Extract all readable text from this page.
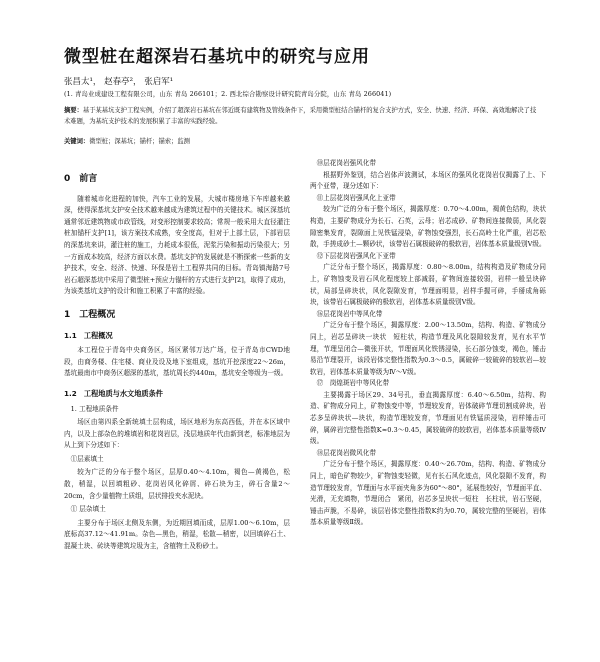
微型桩在超深岩石基坑中的研究与应用
张昌太¹， 赵春亭²， 张启军¹
(1. 青岛业成建设工程有限公司，山东 青岛 266101；2. 西北综合勘察设计研究院青岛分院，山东 青岛 266041)
摘要：基于某基坑支护工程实例，介绍了超深岩石基坑在邻近既有建筑物及管线条件下，采用微型桩结合锚杆的复合支护方式，安全、快速、经济、环保、高效地解决了技术难题，为基坑支护技术的发展积累了丰富的实践经验。
关键词：微型桩；深基坑；锚杆；锚索；监测
0　前言

随着城市化进程的加快，汽车工业的发展，大城市楼房地下车库越来越深，使得深基坑支护安全技术越来越成为建筑过程中的关键技术。城区深基坑通常邻近建筑物或市政管线，对变形控制要求较高；常规一般采用大直径灌注桩加锚杆支护[1]，该方案技术成熟，安全度高，但对于上部土层，下部岩层的深基坑来讲，灌注桩的施工，力耗成本很低，泥浆污染和振动污染很大；另一方面成本较高，经济方面以水费。基坑支护的发展就是不断探索一些新的支护技术，安全、经济、快速、环保是岩土工程界共同的目标。青岛镇海路7号岩石超深基坑中采用了微型桩+预应力锚杆的方式进行支护[2]，取得了成功，为该类基坑支护的设计和施工积累了丰富的经验。

1　工程概况
1.1　工程概况

本工程位于青岛中央商务区，场区紧邻万达广场，位于青岛市CWD地段，由商务楼、住宅楼、商业及设及地下室组成，基坑开挖深度22～26m，基坑最南市中商务区超深的基坑，基坑周长约440m，基坑安全等级为一级。

1.2　工程地质与水文地质条件
1. 工程地质条件

场区由第四系全新统填土层构成，场区地形为东高西低，并在本区域中内，以及上部杂色的堆填岩和花岗岩层，浅层地质年代由新到老，标准地层为从上到下分述如下：

①层素填土

较为广泛的分布于整个场区，层厚0.40～4.10m，褐色—黄褐色，松散，稍湿，以回填粗砂、花岗岩风化碎屑、碎石块为主，碎石含量2～20cm，含少量植物土质组，层状排投夹水泥块。

① 层杂填土

主要分布于场区北侧及东侧，为近期回填而成，层厚1.00～6.10m，层底标高37.12～41.91m。杂色—黑色，稍湿，松散—稍密，以回填碎石土、混凝土块、砖块等建筑垃圾为主，含植物土及粉砂土。

⑩层花岗岩强风化带

根据野外鉴别，结合岩体声波测试，本场区的强风化花岗岩仅揭露了上、下两个亚带，现分述如下：

⑪上层花岗岩强风化上亚带

较为广泛的分布于整个场区，揭露厚度：0.70～4.00m，褐黄色结构，块状构造，主要矿物成分为长石、石英，云母；岩芯成砂、矿物间连接微弱，风化裂隙密集发育，裂隙面上见铁锰浸染，矿物蚀变强烈，长石高岭土化严重，岩芯松散，手搓成砂土—颗砂状，该带岩石属极破碎的极软岩，岩体基本质量级别Ⅴ级。

⑫下层花岗岩强风化下亚带

广泛分布于整个场区，揭露厚度：0.80～8.00m，结构构造及矿物成分同上，矿物蚀变及岩石风化程度较上部减弱，矿物间连接较弱，岩样一般呈块碎状，局部呈碎块状，风化裂隙发育，节理面明显，岩样手握可碎，手掰成角砾块，该带岩石属极破碎的极软岩，岩体基本质量级别Ⅴ级。

⑯层花岗岩中等风化带

广泛分布于整个场区，揭露厚度：2.00～13.50m，结构、构造、矿物成分同上，岩芯呈碎块一块状　短柱状，构造节理及风化裂隙较发育，见有水平节理，节理呈闭合—微张开状，节理面风化铁锈浸染，长石部分蚀变，褐色，锤击易沿节理裂开，该段岩体完整性指数为0.3～0.5，属破碎一较破碎的较软岩—较软岩，岩体基本质量等级为Ⅳ～Ⅴ级。

⑰　岗煌斑岩中等风化带

主要揭露于场区29、34号孔，垂直揭露厚度：6.40～6.50m，结构、构造、矿物成分同上，矿物蚀变中等，节理较发育，岩体破碎节理切割成碎块，岩芯多呈碎块状—块状，构造节理较发育，节理面见有铁锰质浸染，岩样锤击可碎，属碎岩完整性指数K≈0.3～0.45，属较破碎的较软岩，岩体基本质量等级Ⅳ级。

⑱层花岗岩微风化带

广泛分布于整个场区，揭露厚度：0.40～26.70m，结构、构造、矿物成分同上，暗色矿物较少，矿物蚀变轻微，见有长石风化迹点，风化裂隙不发育，构造节理较发育，节理面与水平面夹角多为60°～80°，延展性较好，节理面平直、光滑，无充填物，节理闭合　紧闭，岩芯多呈块状一短柱　长柱状，岩石坚硬，锤击声脆，不易碎，该层岩体完整性指数K约为0.70，属较完整的坚硬岩，岩体基本质量等级Ⅱ级。
